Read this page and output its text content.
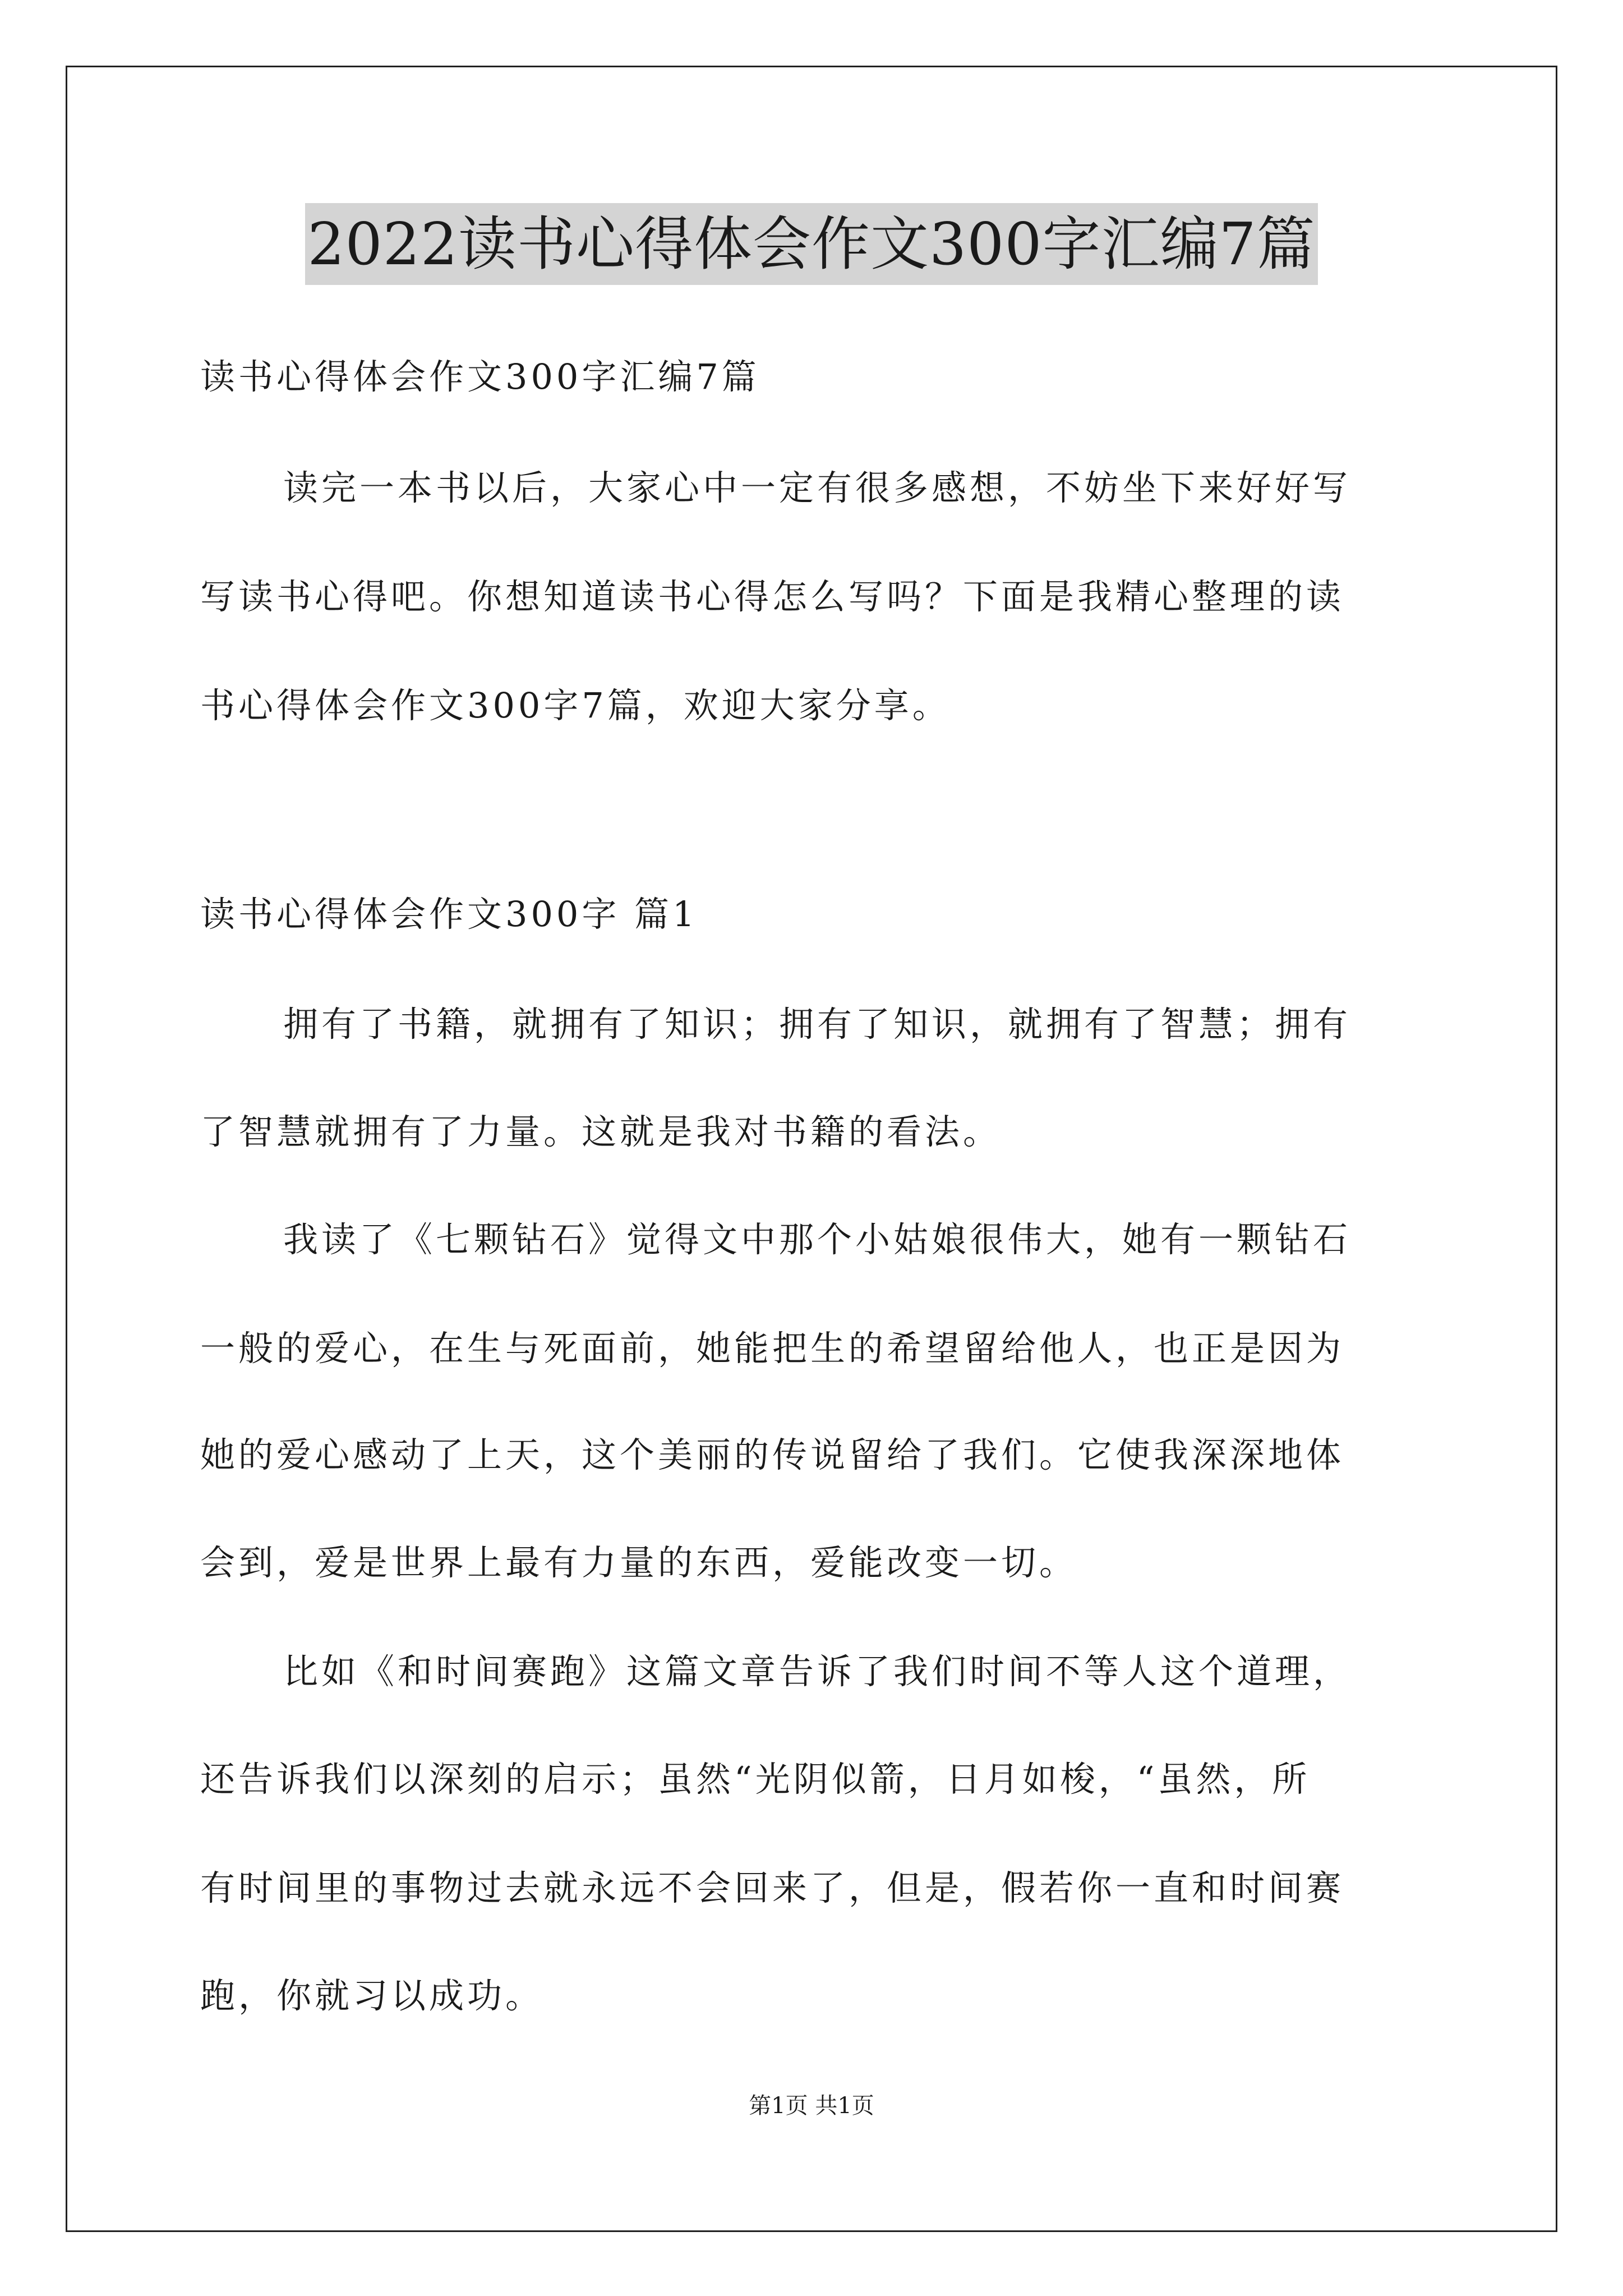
2022读书心得体会作文300字汇编7篇
读书心得体会作文300字汇编7篇
读完一本书以后，大家心中一定有很多感想，不妨坐下来好好写
写读书心得吧。你想知道读书心得怎么写吗？下面是我精心整理的读
书心得体会作文300字7篇，欢迎大家分享。
读书心得体会作文300字 篇1
拥有了书籍，就拥有了知识；拥有了知识，就拥有了智慧；拥有
了智慧就拥有了力量。这就是我对书籍的看法。
我读了《七颗钻石》觉得文中那个小姑娘很伟大，她有一颗钻石
一般的爱心，在生与死面前，她能把生的希望留给他人，也正是因为
她的爱心感动了上天，这个美丽的传说留给了我们。它使我深深地体
会到，爱是世界上最有力量的东西，爱能改变一切。
比如《和时间赛跑》这篇文章告诉了我们时间不等人这个道理，
还告诉我们以深刻的启示；虽然“光阴似箭，日月如梭，“虽然，所
有时间里的事物过去就永远不会回来了，但是，假若你一直和时间赛
跑，你就习以成功。
第1页 共1页
